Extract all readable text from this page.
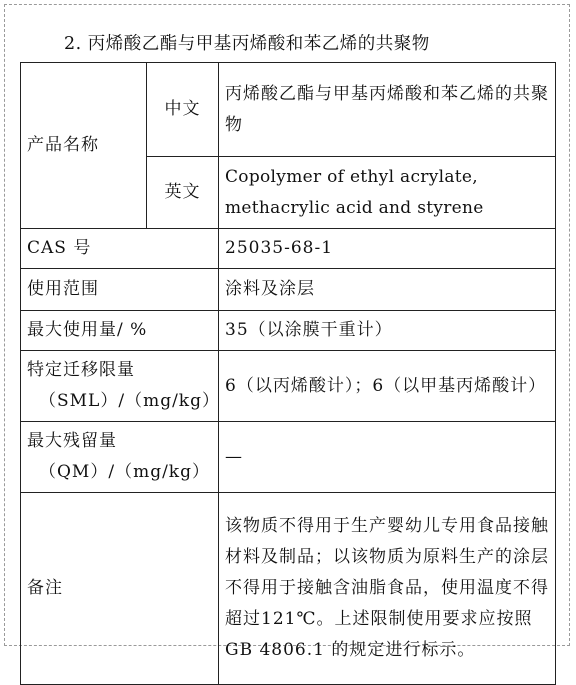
2. 丙烯酸乙酯与甲基丙烯酸和苯乙烯的共聚物
产品名称	中文	丙烯酸乙酯与甲基丙烯酸和苯乙烯的共聚物
	英文	Copolymer of ethyl acrylate, methacrylic acid and styrene
CAS 号		25035-68-1
使用范围		涂料及涂层
最大使用量/ %		35（以涂膜干重计）

特定迁移限量
（SML）/（mg/kg）		6（以丙烯酸计）；6（以甲基丙烯酸计）

最大残留量
（QM）/（mg/kg）		—
备注		该物质不得用于生产婴幼儿专用食品接触材料及制品；以该物质为原料生产的涂层不得用于接触含油脂食品，使用温度不得超过121℃。上述限制使用要求应按照GB 4806.1 的规定进行标示。
